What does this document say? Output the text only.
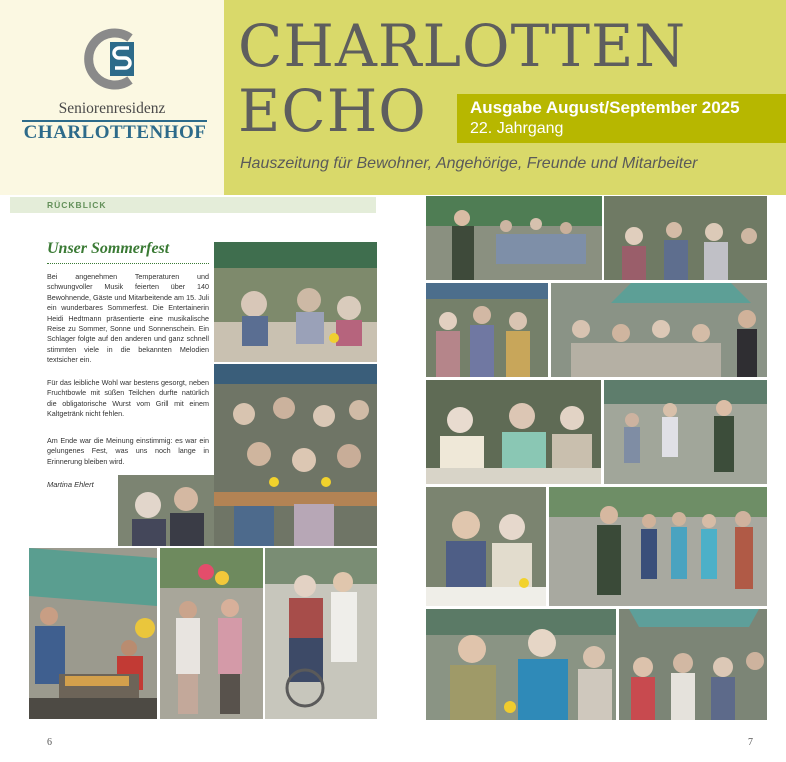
Seniorenresidenz
CHARLOTTENHOF
CHARLOTTEN
ECHO	Ausgabe August/September 2025
22. Jahrgang
Hauszeitung für Bewohner, Angehörige, Freunde und Mitarbeiter
RÜCKBLICK
Unser Sommerfest

Bei angenehmen Temperaturen und schwungvoller Musik feierten über 140 Bewohnende, Gäste und Mitarbeitende am 15. Juli ein wunderbares Sommerfest. Die Entertainerin Heidi Hedtmann präsentierte eine musikalische Reise zu Sommer, Sonne und Sonnenschein. Ein Schlager folgte auf den anderen und ganz schnell stimmten viele in die bekannten Melodien textsicher ein.

Für das leibliche Wohl war bestens gesorgt, neben Fruchtbowle mit süßen Teilchen durfte natürlich die obligatorische Wurst vom Grill mit einem Kaltgetränk nicht fehlen.

Am Ende war die Meinung einstimmig: es war ein gelungenes Fest, was uns noch lange in Erinnerung bleiben wird.

Martina Ehlert
6	7
